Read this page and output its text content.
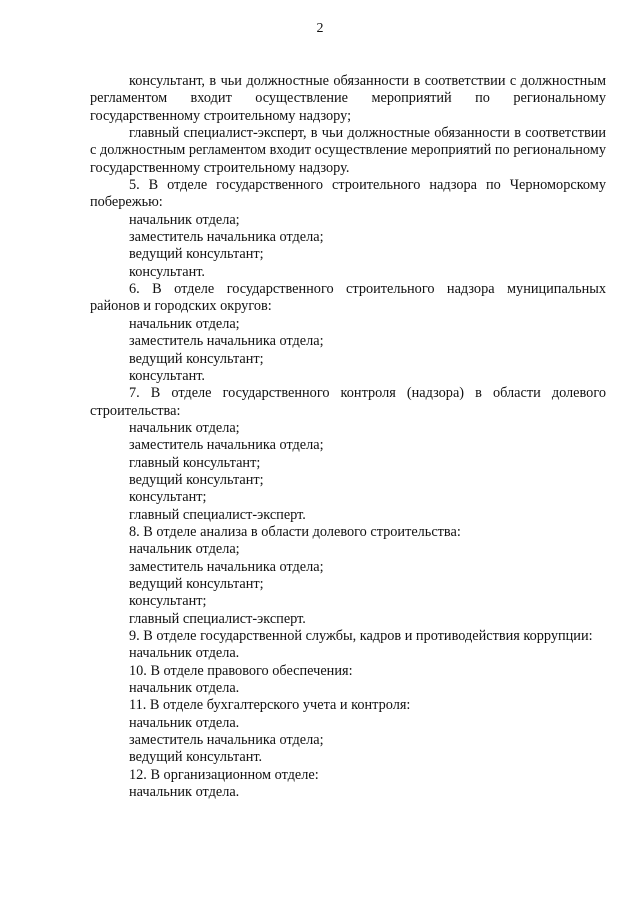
2

консультант, в чьи должностные обязанности в соответствии с должностным регламентом входит осуществление мероприятий по региональному государственному строительному надзору;

главный специалист-эксперт, в чьи должностные обязанности в соответствии с должностным регламентом входит осуществление мероприятий по региональному государственному строительному надзору.

5. В отделе государственного строительного надзора по Черноморскому побережью:

начальник отдела;

заместитель начальника отдела;

ведущий консультант;

консультант.

6. В отделе государственного строительного надзора муниципальных районов и городских округов:

начальник отдела;

заместитель начальника отдела;

ведущий консультант;

консультант.

7. В отделе государственного контроля (надзора) в области долевого строительства:

начальник отдела;

заместитель начальника отдела;

главный консультант;

ведущий консультант;

консультант;

главный специалист-эксперт.

8. В отделе анализа в области долевого строительства:

начальник отдела;

заместитель начальника отдела;

ведущий консультант;

консультант;

главный специалист-эксперт.

9. В отделе государственной службы, кадров и противодействия коррупции:

начальник отдела.

10. В отделе правового обеспечения:

начальник отдела.

11. В отделе бухгалтерского учета и контроля:

начальник отдела.

заместитель начальника отдела;

ведущий консультант.

12. В организационном отделе:

начальник отдела.
